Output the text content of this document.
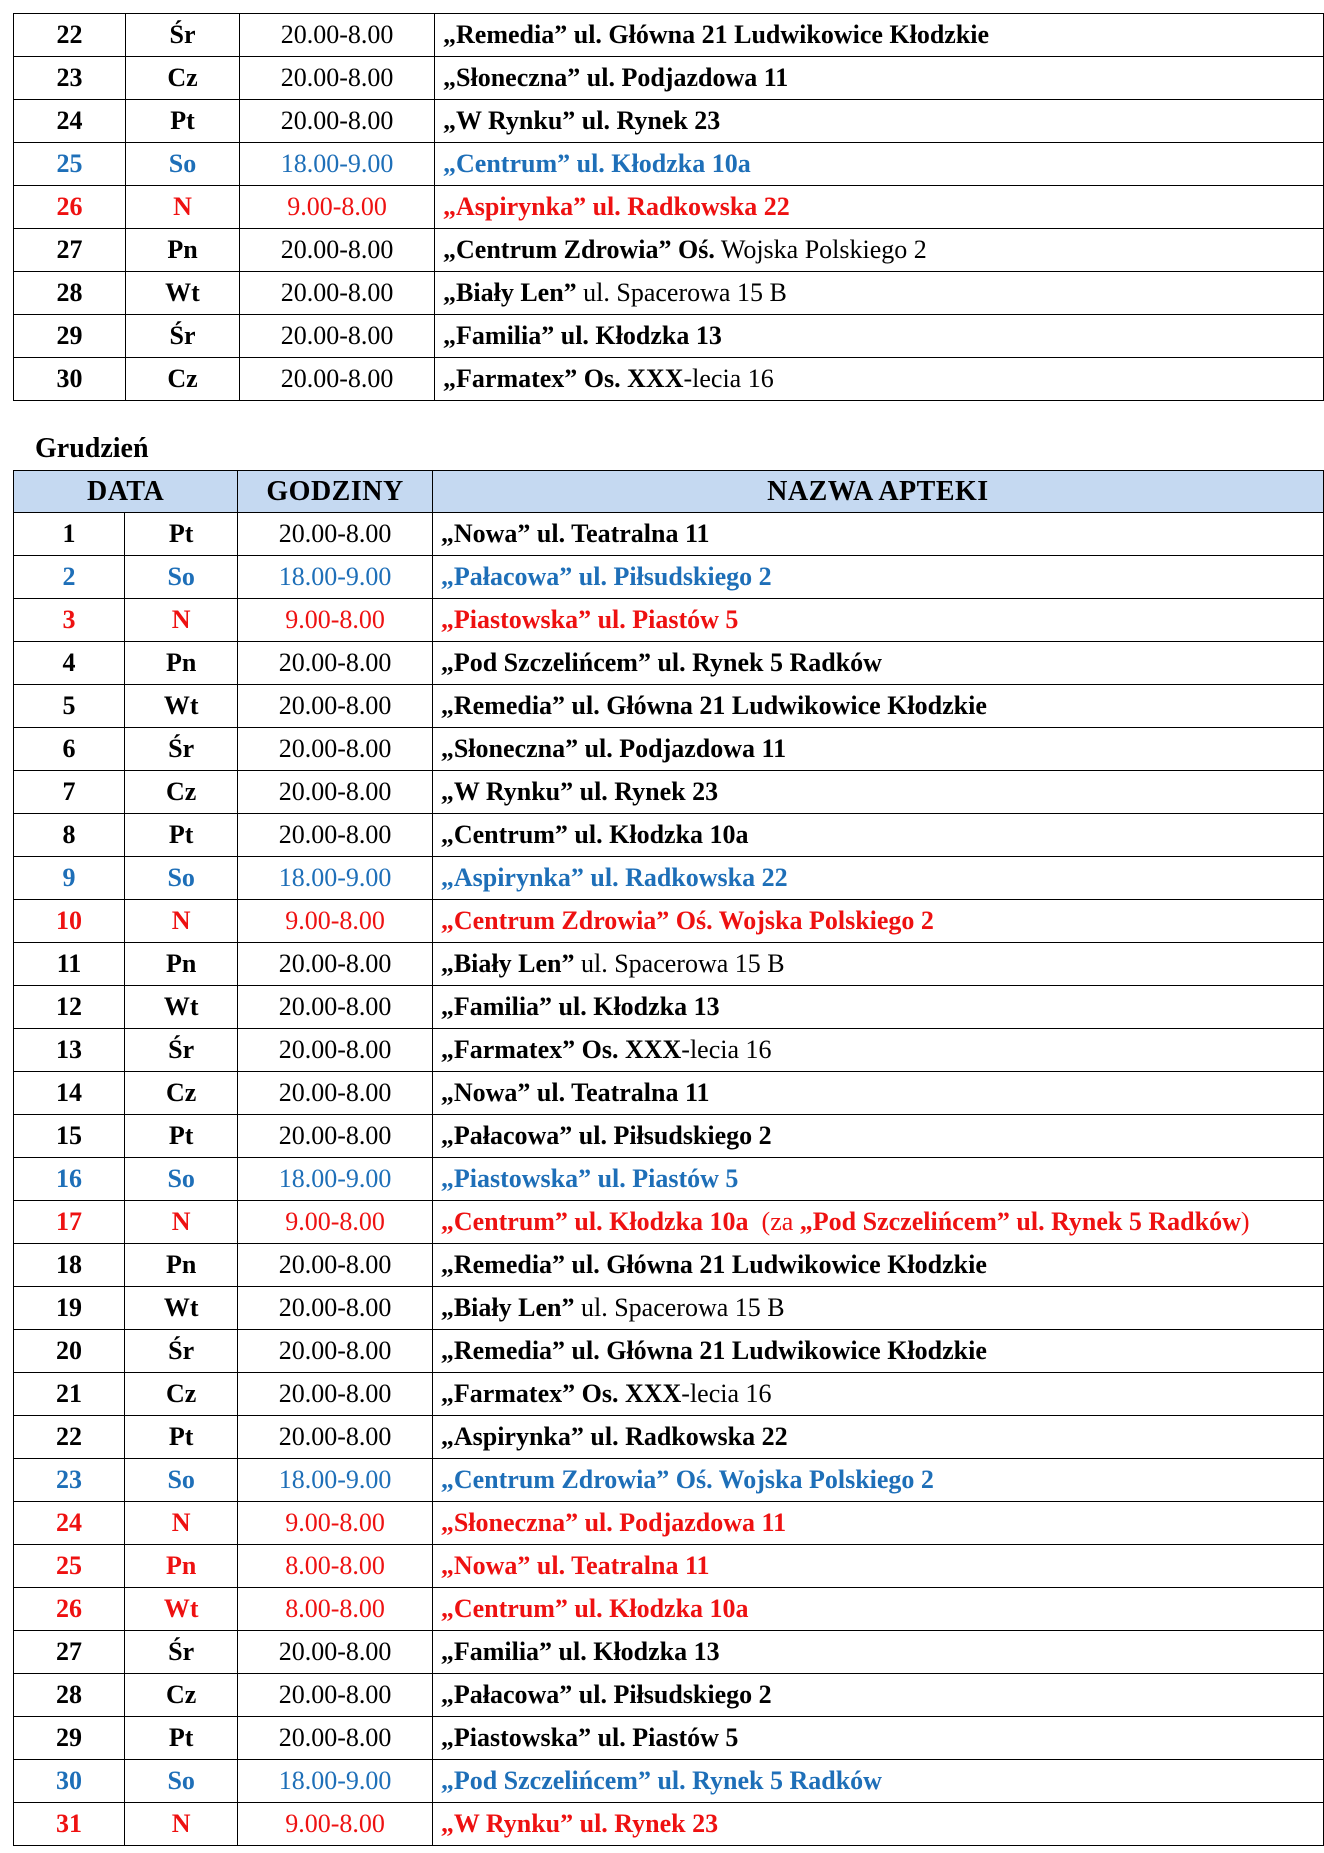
22	Śr	20.00-8.00	„Remedia” ul. Główna 21 Ludwikowice Kłodzkie
23	Cz	20.00-8.00	„Słoneczna” ul. Podjazdowa 11
24	Pt	20.00-8.00	„W Rynku” ul. Rynek 23
25	So	18.00-9.00	„Centrum” ul. Kłodzka 10a
26	N	9.00-8.00	„Aspirynka” ul. Radkowska 22
27	Pn	20.00-8.00	„Centrum Zdrowia” Oś. Wojska Polskiego 2
28	Wt	20.00-8.00	„Biały Len” ul. Spacerowa 15 B
29	Śr	20.00-8.00	„Familia” ul. Kłodzka 13
30	Cz	20.00-8.00	„Farmatex” Os. XXX-lecia 16
Grudzień
DATA		GODZINY	NAZWA APTEKI
1	Pt	20.00-8.00	„Nowa” ul. Teatralna 11
2	So	18.00-9.00	„Pałacowa” ul. Piłsudskiego 2
3	N	9.00-8.00	„Piastowska” ul. Piastów 5
4	Pn	20.00-8.00	„Pod Szczelińcem” ul. Rynek 5 Radków
5	Wt	20.00-8.00	„Remedia” ul. Główna 21 Ludwikowice Kłodzkie
6	Śr	20.00-8.00	„Słoneczna” ul. Podjazdowa 11
7	Cz	20.00-8.00	„W Rynku” ul. Rynek 23
8	Pt	20.00-8.00	„Centrum” ul. Kłodzka 10a
9	So	18.00-9.00	„Aspirynka” ul. Radkowska 22
10	N	9.00-8.00	„Centrum Zdrowia” Oś. Wojska Polskiego 2
11	Pn	20.00-8.00	„Biały Len” ul. Spacerowa 15 B
12	Wt	20.00-8.00	„Familia” ul. Kłodzka 13
13	Śr	20.00-8.00	„Farmatex” Os. XXX-lecia 16
14	Cz	20.00-8.00	„Nowa” ul. Teatralna 11
15	Pt	20.00-8.00	„Pałacowa” ul. Piłsudskiego 2
16	So	18.00-9.00	„Piastowska” ul. Piastów 5
17	N	9.00-8.00	„Centrum” ul. Kłodzka 10a  (za „Pod Szczelińcem” ul. Rynek 5 Radków)
18	Pn	20.00-8.00	„Remedia” ul. Główna 21 Ludwikowice Kłodzkie
19	Wt	20.00-8.00	„Biały Len” ul. Spacerowa 15 B
20	Śr	20.00-8.00	„Remedia” ul. Główna 21 Ludwikowice Kłodzkie
21	Cz	20.00-8.00	„Farmatex” Os. XXX-lecia 16
22	Pt	20.00-8.00	„Aspirynka” ul. Radkowska 22
23	So	18.00-9.00	„Centrum Zdrowia” Oś. Wojska Polskiego 2
24	N	9.00-8.00	„Słoneczna” ul. Podjazdowa 11
25	Pn	8.00-8.00	„Nowa” ul. Teatralna 11
26	Wt	8.00-8.00	„Centrum” ul. Kłodzka 10a
27	Śr	20.00-8.00	„Familia” ul. Kłodzka 13
28	Cz	20.00-8.00	„Pałacowa” ul. Piłsudskiego 2
29	Pt	20.00-8.00	„Piastowska” ul. Piastów 5
30	So	18.00-9.00	„Pod Szczelińcem” ul. Rynek 5 Radków
31	N	9.00-8.00	„W Rynku” ul. Rynek 23
